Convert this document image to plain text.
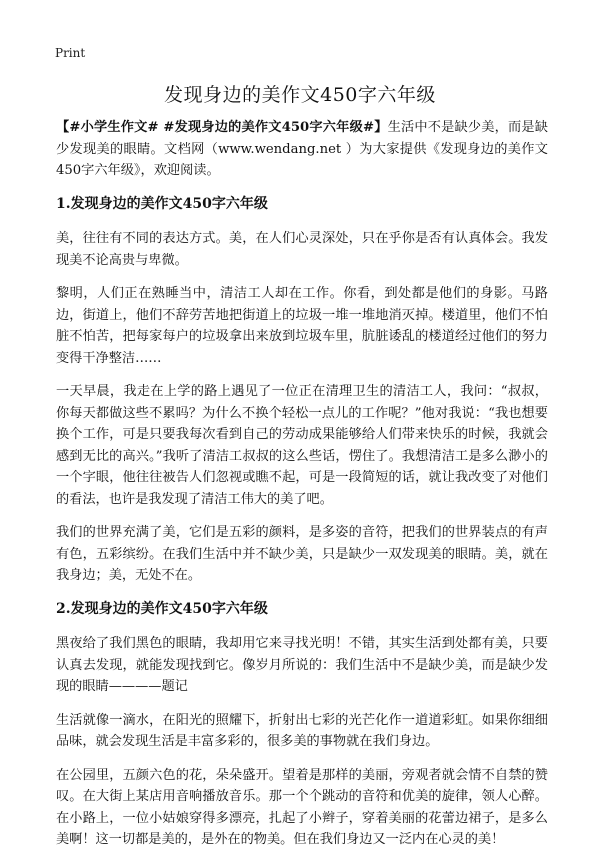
Print
发现身边的美作文450字六年级

【#小学生作文# #发现身边的美作文450字六年级#】生活中不是缺少美，而是缺少发现美的眼睛。文档网（www.wendang.net ）为大家提供《发现身边的美作文450字六年级》，欢迎阅读。

1.发现身边的美作文450字六年级

美，往往有不同的表达方式。美，在人们心灵深处，只在乎你是否有认真体会。我发现美不论高贵与卑微。

黎明，人们正在熟睡当中，清洁工人却在工作。你看，到处都是他们的身影。马路边，街道上，他们不辞劳苦地把街道上的垃圾一堆一堆地消灭掉。楼道里，他们不怕脏不怕苦，把每家每户的垃圾拿出来放到垃圾车里，肮脏诿乱的楼道经过他们的努力变得干净整洁……

一天早晨，我走在上学的路上遇见了一位正在清理卫生的清洁工人，我问：“叔叔，你每天都做这些不累吗？为什么不换个轻松一点儿的工作呢？”他对我说：“我也想要换个工作，可是只要我每次看到自己的劳动成果能够给人们带来快乐的时候，我就会感到无比的高兴。”我听了清洁工叔叔的这么些话，愣住了。我想清洁工是多么渺小的一个字眼，他往往被告人们忽视或瞧不起，可是一段简短的话，就让我改变了对他们的看法，也许是我发现了清洁工伟大的美了吧。

我们的世界充满了美，它们是五彩的颜料，是多姿的音符，把我们的世界装点的有声有色，五彩缤纷。在我们生活中并不缺少美，只是缺少一双发现美的眼睛。美，就在我身边；美，无处不在。

2.发现身边的美作文450字六年级

黑夜给了我们黑色的眼睛，我却用它来寻找光明！不错，其实生活到处都有美，只要认真去发现，就能发现找到它。像岁月所说的：我们生活中不是缺少美，而是缺少发现的眼睛————题记

生活就像一滴水，在阳光的照耀下，折射出七彩的光芒化作一道道彩虹。如果你细细品味，就会发现生活是丰富多彩的，很多美的事物就在我们身边。

在公园里，五颜六色的花，朵朵盛开。望着是那样的美丽，旁观者就会情不自禁的赞叹。在大街上某店用音响播放音乐。那一个个跳动的音符和优美的旋律，领人心醉。在小路上，一位小姑娘穿得多漂亮，扎起了小辫子，穿着美丽的花蕾边裙子，是多么美啊！这一切都是美的，是外在的物美。但在我们身边又一泛内在心灵的美！
